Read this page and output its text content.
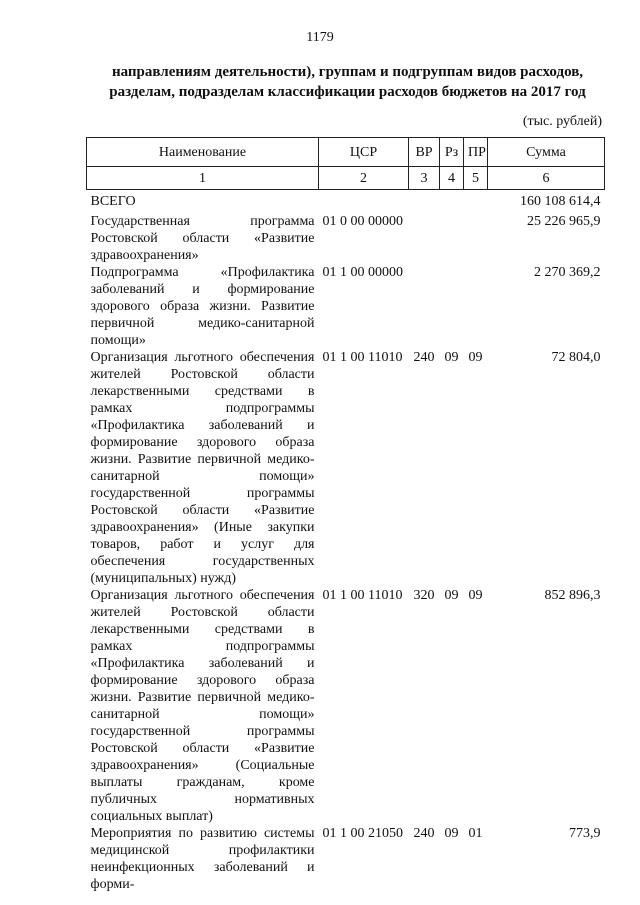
1179
направлениям деятельности), группам и подгруппам видов расходов, разделам, подразделам классификации расходов бюджетов на 2017 год
(тыс. рублей)
Наименование	ЦСР	ВР	Рз	ПР	Сумма
1	2	3	4	5	6
ВСЕГО					160 108 614,4
Государственная программа Ростовской области «Развитие здравоохранения»	01 0 00 00000				25 226 965,9
Подпрограмма «Профилактика заболеваний и формирование здорового образа жизни. Развитие первичной медико-санитарной помощи»	01 1 00 00000				2 270 369,2
Организация льготного обеспечения жителей Ростовской области лекарственными средствами в рамках подпрограммы «Профилактика заболеваний и формирование здорового образа жизни. Развитие первичной медико-санитарной помощи» государственной программы Ростовской области «Развитие здравоохранения» (Иные закупки товаров, работ и услуг для обеспечения государственных (муниципальных) нужд)	01 1 00 11010	240	09	09	72 804,0
Организация льготного обеспечения жителей Ростовской области лекарственными средствами в рамках подпрограммы «Профилактика заболеваний и формирование здорового образа жизни. Развитие первичной медико-санитарной помощи» государственной программы Ростовской области «Развитие здравоохранения» (Социальные выплаты гражданам, кроме публичных нормативных социальных выплат)	01 1 00 11010	320	09	09	852 896,3
Мероприятия по развитию системы медицинской профилактики неинфекционных заболеваний и форми-	01 1 00 21050	240	09	01	773,9
